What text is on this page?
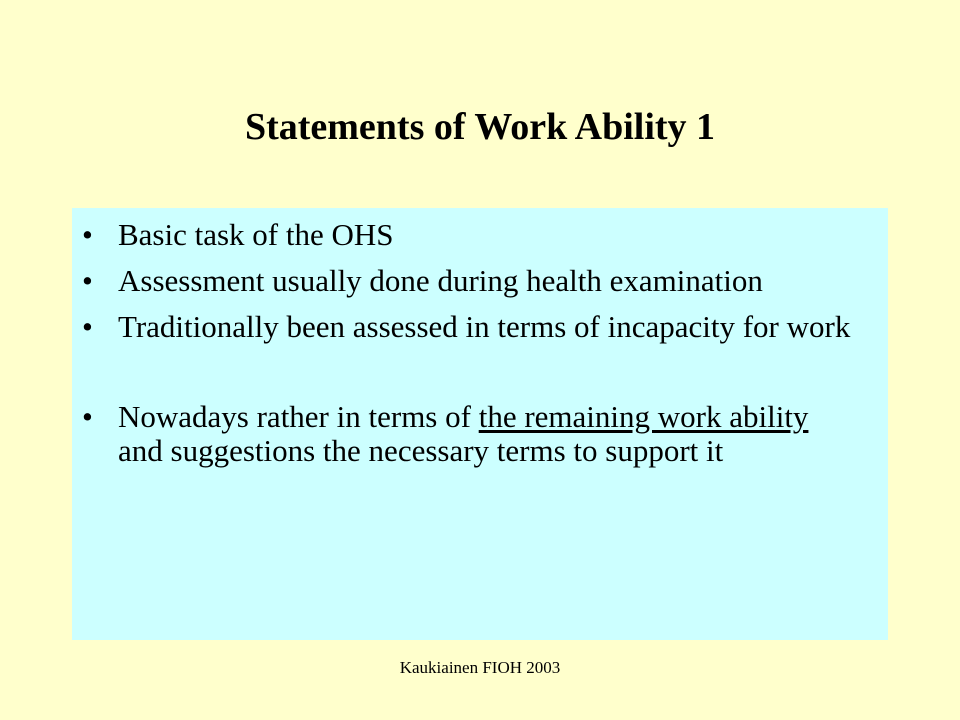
Statements of Work Ability 1
• Basic task of the OHS
• Assessment usually done during health examination
• Traditionally been assessed in terms of incapacity for work
• Nowadays rather in terms of the remaining work ability and suggestions the necessary terms to support it
Kaukiainen FIOH 2003
